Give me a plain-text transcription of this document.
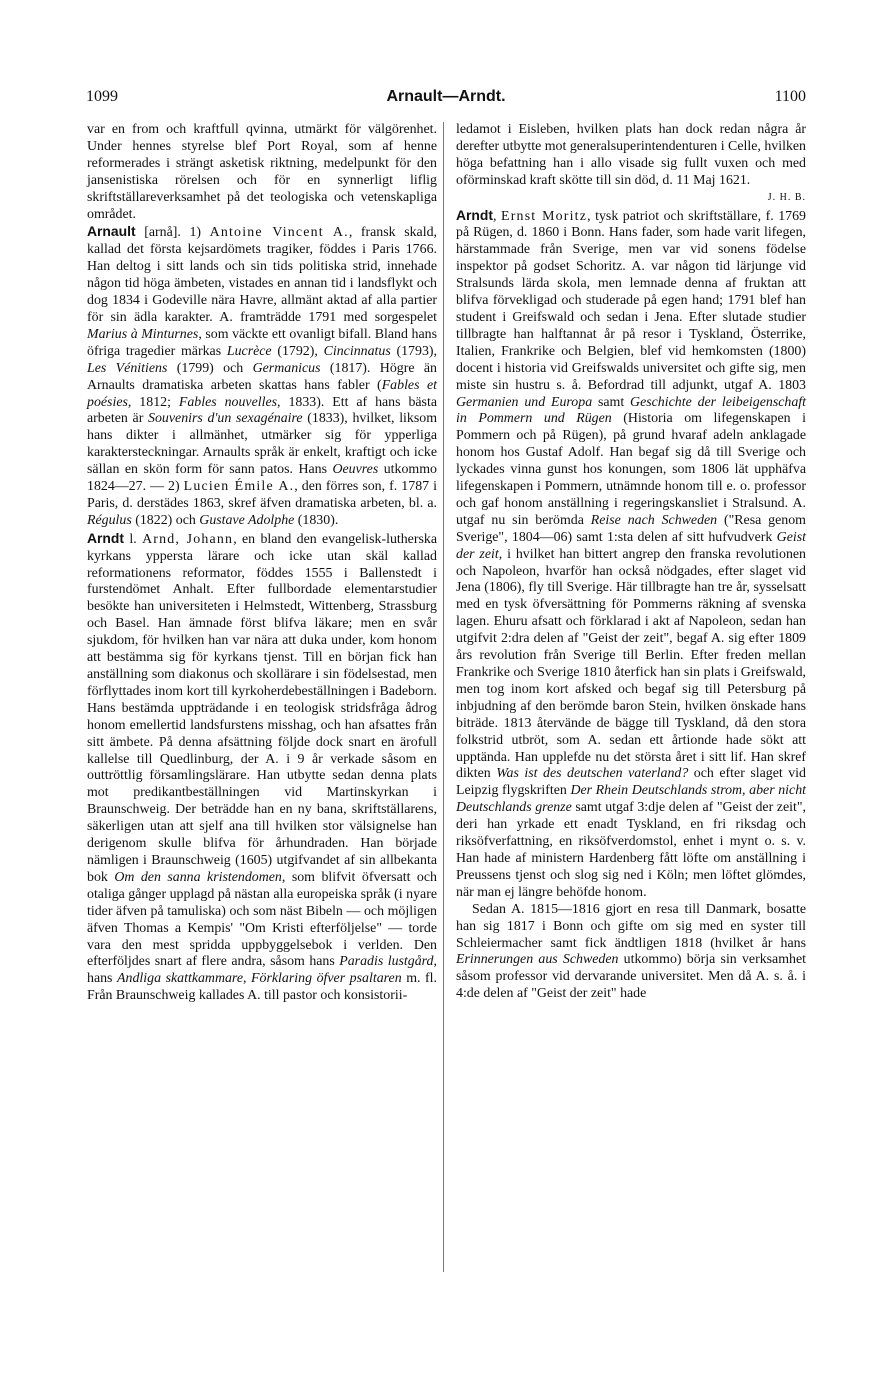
1099	Arnault—Arndt.	1100

var en from och kraftfull qvinna, utmärkt för välgörenhet. Under hennes styrelse blef Port Royal, som af henne reformerades i strängt asketisk riktning, medelpunkt för den jansenistiska rörelsen och för en synnerligt liflig skriftställareverksamhet på det teologiska och vetenskapliga området.

Arnault [arnå]. 1) Antoine Vincent A., fransk skald, kallad det första kejsardömets tragiker, föddes i Paris 1766. Han deltog i sitt lands och sin tids politiska strid, innehade någon tid höga ämbeten, vistades en annan tid i landsflykt och dog 1834 i Godeville nära Havre, allmänt aktad af alla partier för sin ädla karakter. A. framträdde 1791 med sorgespelet Marius à Minturnes, som väckte ett ovanligt bifall. Bland hans öfriga tragedier märkas Lucrèce (1792), Cincinnatus (1793), Les Vénitiens (1799) och Germanicus (1817). Högre än Arnaults dramatiska arbeten skattas hans fabler (Fables et poésies, 1812; Fables nouvelles, 1833). Ett af hans bästa arbeten är Souvenirs d'un sexagénaire (1833), hvilket, liksom hans dikter i allmänhet, utmärker sig för ypperliga karaktersteckningar. Arnaults språk är enkelt, kraftigt och icke sällan en skön form för sann patos. Hans Oeuvres utkommo 1824—27. — 2) Lucien Émile A., den förres son, f. 1787 i Paris, d. derstädes 1863, skref äfven dramatiska arbeten, bl. a. Régulus (1822) och Gustave Adolphe (1830).

Arndt l. Arnd, Johann, en bland den evangelisk-lutherska kyrkans yppersta lärare och icke utan skäl kallad reformationens reformator, föddes 1555 i Ballenstedt i furstendömet Anhalt. Efter fullbordade elementarstudier besökte han universiteten i Helmstedt, Wittenberg, Strassburg och Basel. Han ämnade först blifva läkare; men en svår sjukdom, för hvilken han var nära att duka under, kom honom att bestämma sig för kyrkans tjenst. Till en början fick han anställning som diakonus och skollärare i sin födelsestad, men förflyttades inom kort till kyrkoherdebeställningen i Badeborn. Hans bestämda uppträdande i en teologisk stridsfråga ådrog honom emellertid landsfurstens misshag, och han afsattes från sitt ämbete. På denna afsättning följde dock snart en ärofull kallelse till Quedlinburg, der A. i 9 år verkade såsom en outtröttlig församlingslärare. Han utbytte sedan denna plats mot predikantbeställningen vid Martinskyrkan i Braunschweig. Der beträdde han en ny bana, skriftställarens, säkerligen utan att sjelf ana till hvilken stor välsignelse han derigenom skulle blifva för århundraden. Han började nämligen i Braunschweig (1605) utgifvandet af sin allbekanta bok Om den sanna kristendomen, som blifvit öfversatt och otaliga gånger upplagd på nästan alla europeiska språk (i nyare tider äfven på tamuliska) och som näst Bibeln — och möjligen äfven Thomas a Kempis' "Om Kristi efterföljelse" — torde vara den mest spridda uppbyggelsebok i verlden. Den efterföljdes snart af flere andra, såsom hans Paradis lustgård, hans Andliga skattkammare, Förklaring öfver psaltaren m. fl. Från Braunschweig kallades A. till pastor och konsistorii-

ledamot i Eisleben, hvilken plats han dock redan några år derefter utbytte mot generalsuperintendenturen i Celle, hvilken höga befattning han i allo visade sig fullt vuxen och med oförminskad kraft skötte till sin död, d. 11 Maj 1621.

J. H. B.

Arndt, Ernst Moritz, tysk patriot och skriftställare, f. 1769 på Rügen, d. 1860 i Bonn. Hans fader, som hade varit lifegen, härstammade från Sverige, men var vid sonens födelse inspektor på godset Schoritz. A. var någon tid lärjunge vid Stralsunds lärda skola, men lemnade denna af fruktan att blifva förvekligad och studerade på egen hand; 1791 blef han student i Greifswald och sedan i Jena. Efter slutade studier tillbragte han halftannat år på resor i Tyskland, Österrike, Italien, Frankrike och Belgien, blef vid hemkomsten (1800) docent i historia vid Greifswalds universitet och gifte sig, men miste sin hustru s. å. Befordrad till adjunkt, utgaf A. 1803 Germanien und Europa samt Geschichte der leibeigenschaft in Pommern und Rügen (Historia om lifegenskapen i Pommern och på Rügen), på grund hvaraf adeln anklagade honom hos Gustaf Adolf. Han begaf sig då till Sverige och lyckades vinna gunst hos konungen, som 1806 lät upphäfva lifegenskapen i Pommern, utnämnde honom till e. o. professor och gaf honom anställning i regeringskansliet i Stralsund. A. utgaf nu sin berömda Reise nach Schweden ("Resa genom Sverige", 1804—06) samt 1:sta delen af sitt hufvudverk Geist der zeit, i hvilket han bittert angrep den franska revolutionen och Napoleon, hvarför han också nödgades, efter slaget vid Jena (1806), fly till Sverige. Här tillbragte han tre år, sysselsatt med en tysk öfversättning för Pommerns räkning af svenska lagen. Ehuru afsatt och förklarad i akt af Napoleon, sedan han utgifvit 2:dra delen af "Geist der zeit", begaf A. sig efter 1809 års revolution från Sverige till Berlin. Efter freden mellan Frankrike och Sverige 1810 återfick han sin plats i Greifswald, men tog inom kort afsked och begaf sig till Petersburg på inbjudning af den berömde baron Stein, hvilken önskade hans biträde. 1813 återvände de bägge till Tyskland, då den stora folkstrid utbröt, som A. sedan ett årtionde hade sökt att upptända. Han upplefde nu det största året i sitt lif. Han skref dikten Was ist des deutschen vaterland? och efter slaget vid Leipzig flygskriften Der Rhein Deutschlands strom, aber nicht Deutschlands grenze samt utgaf 3:dje delen af "Geist der zeit", deri han yrkade ett enadt Tyskland, en fri riksdag och riksöfverfattning, en riksöfverdomstol, enhet i mynt o. s. v. Han hade af ministern Hardenberg fått löfte om anställning i Preussens tjenst och slog sig ned i Köln; men löftet glömdes, när man ej längre behöfde honom.

Sedan A. 1815—1816 gjort en resa till Danmark, bosatte han sig 1817 i Bonn och gifte om sig med en syster till Schleiermacher samt fick ändtligen 1818 (hvilket år hans Erinnerungen aus Schweden utkommo) börja sin verksamhet såsom professor vid dervarande universitet. Men då A. s. å. i 4:de delen af "Geist der zeit" hade
